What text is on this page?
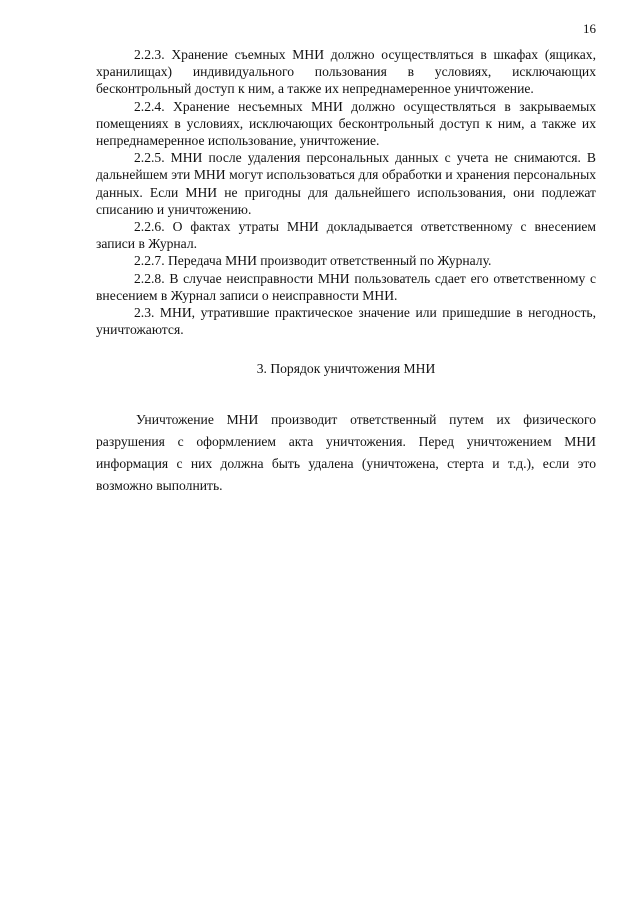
16

2.2.3. Хранение съемных МНИ должно осуществляться в шкафах (ящиках, хранилищах) индивидуального пользования в условиях, исключающих бесконтрольный доступ к ним, а также их непреднамеренное уничтожение.

2.2.4. Хранение несъемных МНИ должно осуществляться в закрываемых помещениях в условиях, исключающих бесконтрольный доступ к ним, а также их непреднамеренное использование, уничтожение.

2.2.5. МНИ после удаления персональных данных с учета не снимаются. В дальнейшем эти МНИ могут использоваться для обработки и хранения персональных данных. Если МНИ не пригодны для дальнейшего использования, они подлежат списанию и уничтожению.

2.2.6. О фактах утраты МНИ докладывается ответственному с внесением записи в Журнал.

2.2.7. Передача МНИ производит ответственный по Журналу.

2.2.8. В случае неисправности МНИ пользователь сдает его ответственному с внесением в Журнал записи о неисправности МНИ.

2.3. МНИ, утратившие практическое значение или пришедшие в негодность, уничтожаются.

3. Порядок уничтожения МНИ

Уничтожение МНИ производит ответственный путем их физического разрушения с оформлением акта уничтожения. Перед уничтожением МНИ информация с них должна быть удалена (уничтожена, стерта и т.д.), если это возможно выполнить.
